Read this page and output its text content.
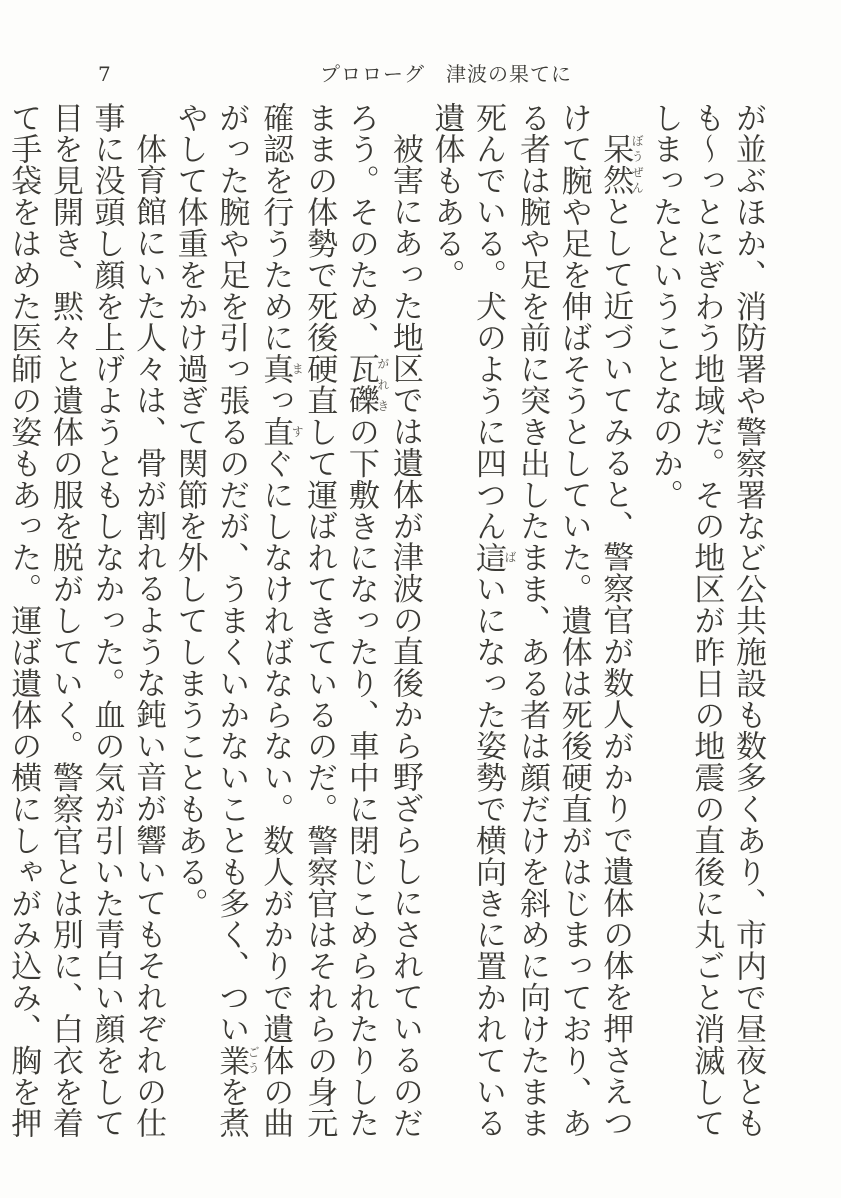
7	プロローグ　津波の果てに

が並ぶほか、消防署や警察署など公共施設も数多くあり、市内で昼夜ともも〜っとにぎわう地域だ。その地区が昨日の地震の直後に丸ごと消滅してしまったということなのか。

呆然ぼうぜんとして近づいてみると、警察官が数人がかりで遺体の体を押さえつけて腕や足を伸ばそうとしていた。遺体は死後硬直がはじまっており、ある者は腕や足を前に突き出したまま、ある者は顔だけを斜めに向けたまま死んでいる。犬のように四つん這ばいになった姿勢で横向きに置かれている遺体もある。

被害にあった地区では遺体が津波の直後から野ざらしにされているのだろう。そのため、瓦礫がれきの下敷きになったり、車中に閉じこめられたりしたままの体勢で死後硬直して運ばれてきているのだ。警察官はそれらの身元確認を行うために真まっ直すぐにしなければならない。数人がかりで遺体の曲がった腕や足を引っ張るのだが、うまくいかないことも多く、つい業ごうを煮やして体重をかけ過ぎて関節を外してしまうこともある。

体育館にいた人々は、骨が割れるような鈍い音が響いてもそれぞれの仕事に没頭し顔を上げようともしなかった。血の気が引いた青白い顔をして目を見開き、黙々と遺体の服を脱がしていく。警察官とは別に、白衣を着て手袋をはめた医師の姿もあった。運ば遺体の横にしゃがみ込み、胸を押
